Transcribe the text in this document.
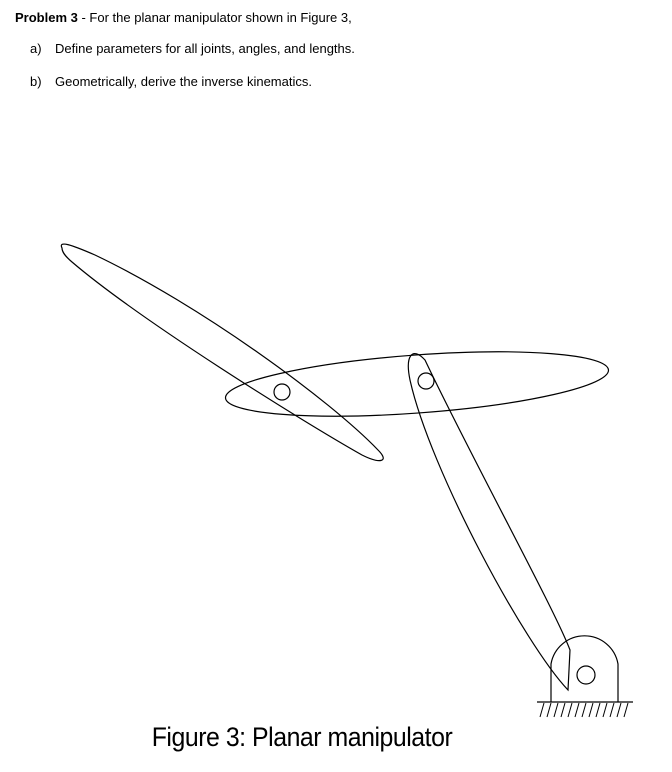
Problem 3 - For the planar manipulator shown in Figure 3,
a) Define parameters for all joints, angles, and lengths.
b) Geometrically, derive the inverse kinematics.
Figure 3: Planar manipulator
